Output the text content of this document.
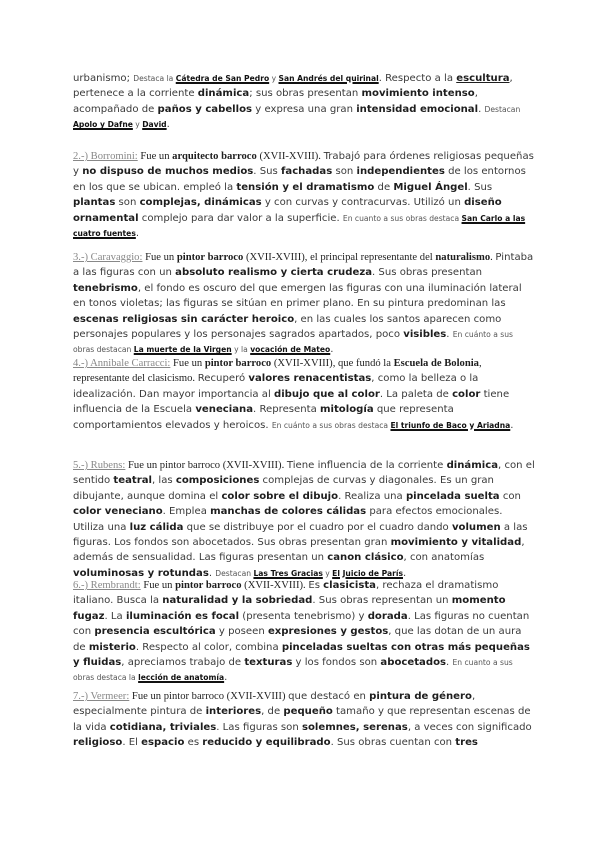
urbanismo; Destaca la Cátedra de San Pedro y San Andrés del quirinal. Respecto a la escultura, pertenece a la corriente dinámica; sus obras presentan movimiento intenso, acompañado de paños y cabellos y expresa una gran intensidad emocional. Destacan Apolo y Dafne y David.

2.-) Borromini: Fue un arquitecto barroco (XVII-XVIII). Trabajó para órdenes religiosas pequeñas y no dispuso de muchos medios. Sus fachadas son independientes de los entornos en los que se ubican. empleó la tensión y el dramatismo de Miguel Ángel. Sus plantas son complejas, dinámicas y con curvas y contracurvas. Utilizó un diseño ornamental complejo para dar valor a la superficie. En cuanto a sus obras destaca San Carlo a las cuatro fuentes.

3.-) Caravaggio: Fue un pintor barroco (XVII-XVIII), el principal representante del naturalismo. Pintaba a las figuras con un absoluto realismo y cierta crudeza. Sus obras presentan tenebrismo, el fondo es oscuro del que emergen las figuras con una iluminación lateral en tonos violetas; las figuras se sitúan en primer plano. En su pintura predominan las escenas religiosas sin carácter heroico, en las cuales los santos aparecen como personajes populares y los personajes sagrados apartados, poco visibles. En cuánto a sus obras destacan La muerte de la Virgen y la vocación de Mateo.

4.-) Annibale Carracci: Fue un pintor barroco (XVII-XVIII), que fundó la Escuela de Bolonia, representante del clasicismo. Recuperó valores renacentistas, como la belleza o la idealización. Dan mayor importancia al dibujo que al color. La paleta de color tiene influencia de la Escuela veneciana. Representa mitología que representa comportamientos elevados y heroicos. En cuánto a sus obras destaca El triunfo de Baco y Ariadna.

5.-) Rubens: Fue un pintor barroco (XVII-XVIII). Tiene influencia de la corriente dinámica, con el sentido teatral, las composiciones complejas de curvas y diagonales. Es un gran dibujante, aunque domina el color sobre el dibujo. Realiza una pincelada suelta con color veneciano. Emplea manchas de colores cálidas para efectos emocionales. Utiliza una luz cálida que se distribuye por el cuadro por el cuadro dando volumen a las figuras. Los fondos son abocetados. Sus obras presentan gran movimiento y vitalidad, además de sensualidad. Las figuras presentan un canon clásico, con anatomías voluminosas y rotundas. Destacan Las Tres Gracias y El Juicio de París.

6.-) Rembrandt: Fue un pintor barroco (XVII-XVIII). Es clasicista, rechaza el dramatismo italiano. Busca la naturalidad y la sobriedad. Sus obras representan un momento fugaz. La iluminación es focal (presenta tenebrismo) y dorada. Las figuras no cuentan con presencia escultórica y poseen expresiones y gestos, que las dotan de un aura de misterio. Respecto al color, combina pinceladas sueltas con otras más pequeñas y fluidas, apreciamos trabajo de texturas y los fondos son abocetados. En cuanto a sus obras destaca la lección de anatomía.

7.-) Vermeer: Fue un pintor barroco (XVII-XVIII) que destacó en pintura de género, especialmente pintura de interiores, de pequeño tamaño y que representan escenas de la vida cotidiana, triviales. Las figuras son solemnes, serenas, a veces con significado religioso. El espacio es reducido y equilibrado. Sus obras cuentan con tres
